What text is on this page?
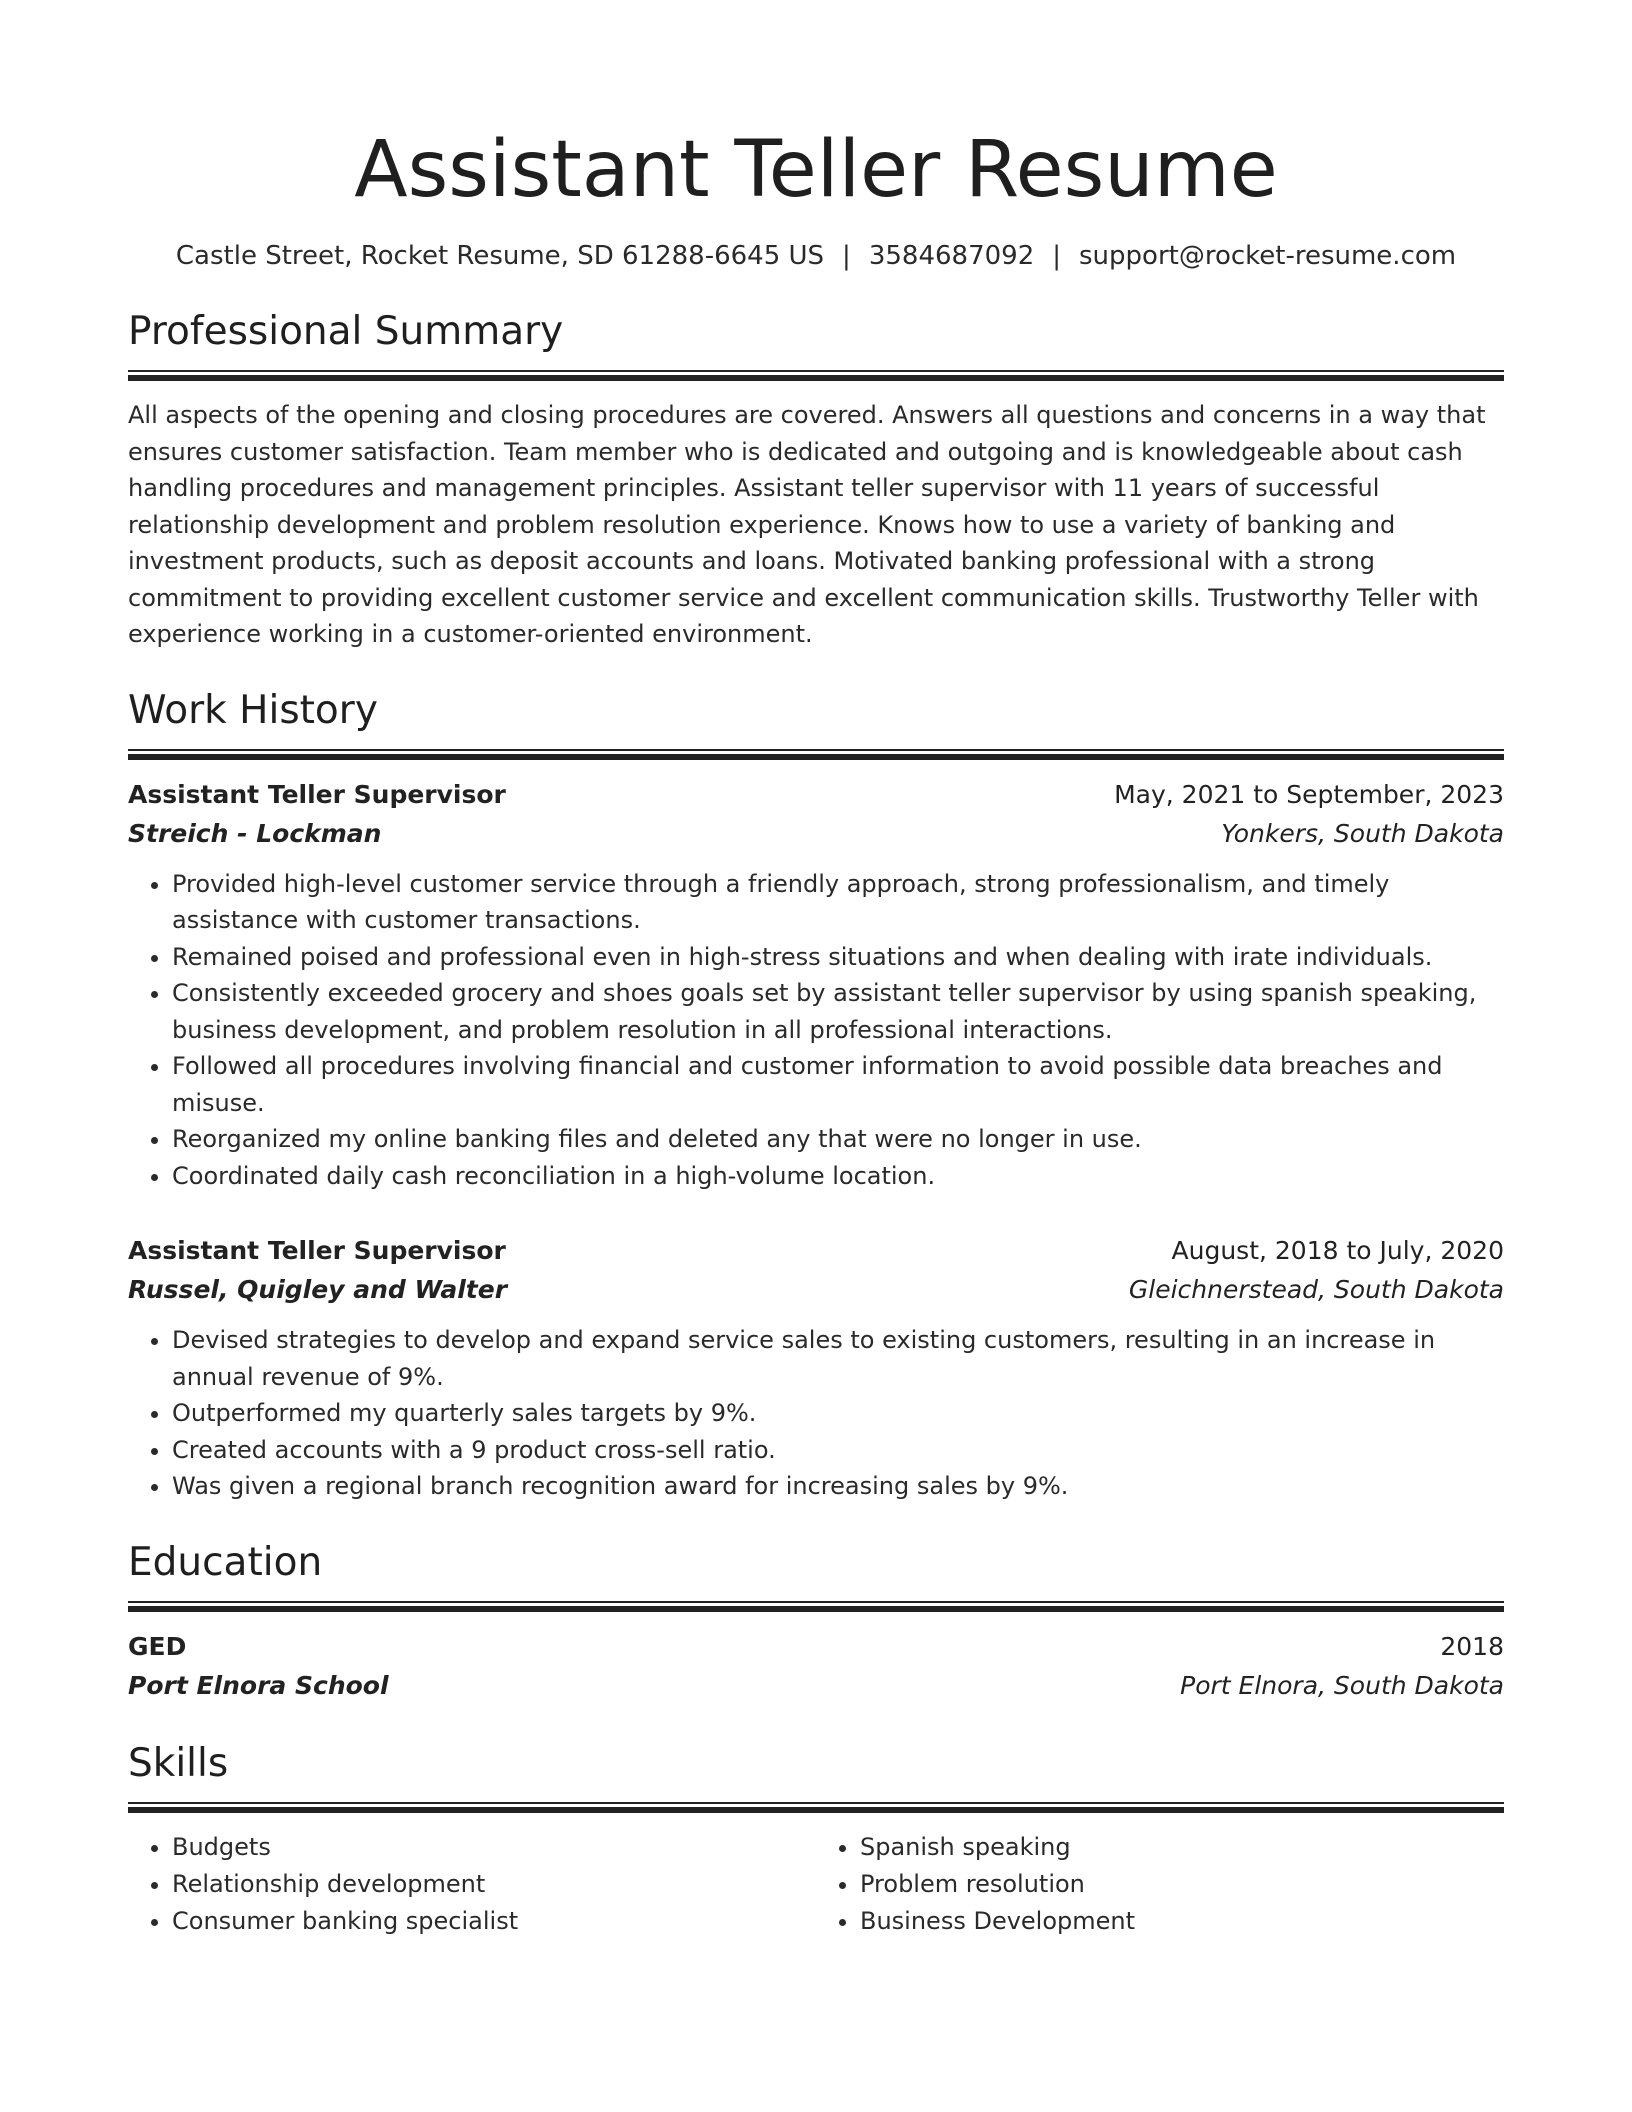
Assistant Teller Resume
Castle Street, Rocket Resume, SD 61288-6645 US | 3584687092 | support@rocket-resume.com
Professional Summary
All aspects of the opening and closing procedures are covered. Answers all questions and concerns in a way that ensures customer satisfaction. Team member who is dedicated and outgoing and is knowledgeable about cash handling procedures and management principles. Assistant teller supervisor with 11 years of successful relationship development and problem resolution experience. Knows how to use a variety of banking and investment products, such as deposit accounts and loans. Motivated banking professional with a strong commitment to providing excellent customer service and excellent communication skills. Trustworthy Teller with experience working in a customer-oriented environment.
Work History
Assistant Teller Supervisor	May, 2021 to September, 2023
Streich - Lockman	Yonkers, South Dakota
• Provided high-level customer service through a friendly approach, strong professionalism, and timely assistance with customer transactions.
• Remained poised and professional even in high-stress situations and when dealing with irate individuals.
• Consistently exceeded grocery and shoes goals set by assistant teller supervisor by using spanish speaking, business development, and problem resolution in all professional interactions.
• Followed all procedures involving financial and customer information to avoid possible data breaches and misuse.
• Reorganized my online banking files and deleted any that were no longer in use.
• Coordinated daily cash reconciliation in a high-volume location.
Assistant Teller Supervisor	August, 2018 to July, 2020
Russel, Quigley and Walter	Gleichnerstead, South Dakota
• Devised strategies to develop and expand service sales to existing customers, resulting in an increase in annual revenue of 9%.
• Outperformed my quarterly sales targets by 9%.
• Created accounts with a 9 product cross-sell ratio.
• Was given a regional branch recognition award for increasing sales by 9%.
Education
GED	2018
Port Elnora School	Port Elnora, South Dakota
Skills
• Budgets
• Relationship development
• Consumer banking specialist
• Spanish speaking
• Problem resolution
• Business Development
